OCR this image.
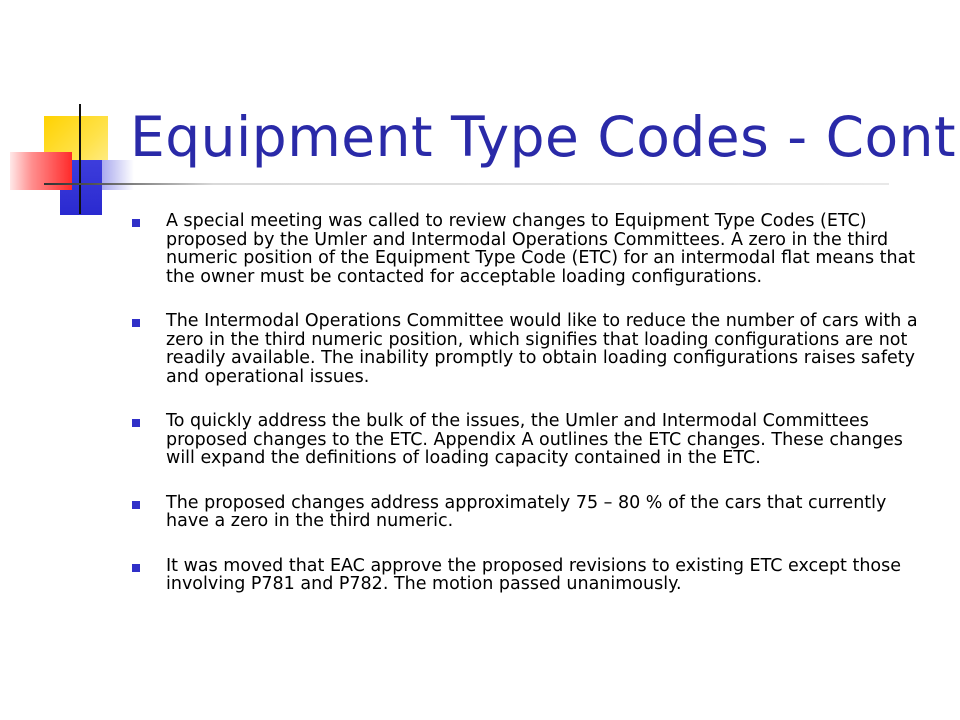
Equipment Type Codes - Cont
A special meeting was called to review changes to Equipment Type Codes (ETC) proposed by the Umler and Intermodal Operations Committees. A zero in the third numeric position of the Equipment Type Code (ETC) for an intermodal flat means that the owner must be contacted for acceptable loading configurations.
The Intermodal Operations Committee would like to reduce the number of cars with a zero in the third numeric position, which signifies that loading configurations are not readily available. The inability promptly to obtain loading configurations raises safety and operational issues.
To quickly address the bulk of the issues, the Umler and Intermodal Committees proposed changes to the ETC. Appendix A outlines the ETC changes. These changes will expand the definitions of loading capacity contained in the ETC.
The proposed changes address approximately 75 – 80 % of the cars that currently have a zero in the third numeric.
It was moved that EAC approve the proposed revisions to existing ETC except those involving P781 and P782. The motion passed unanimously.
